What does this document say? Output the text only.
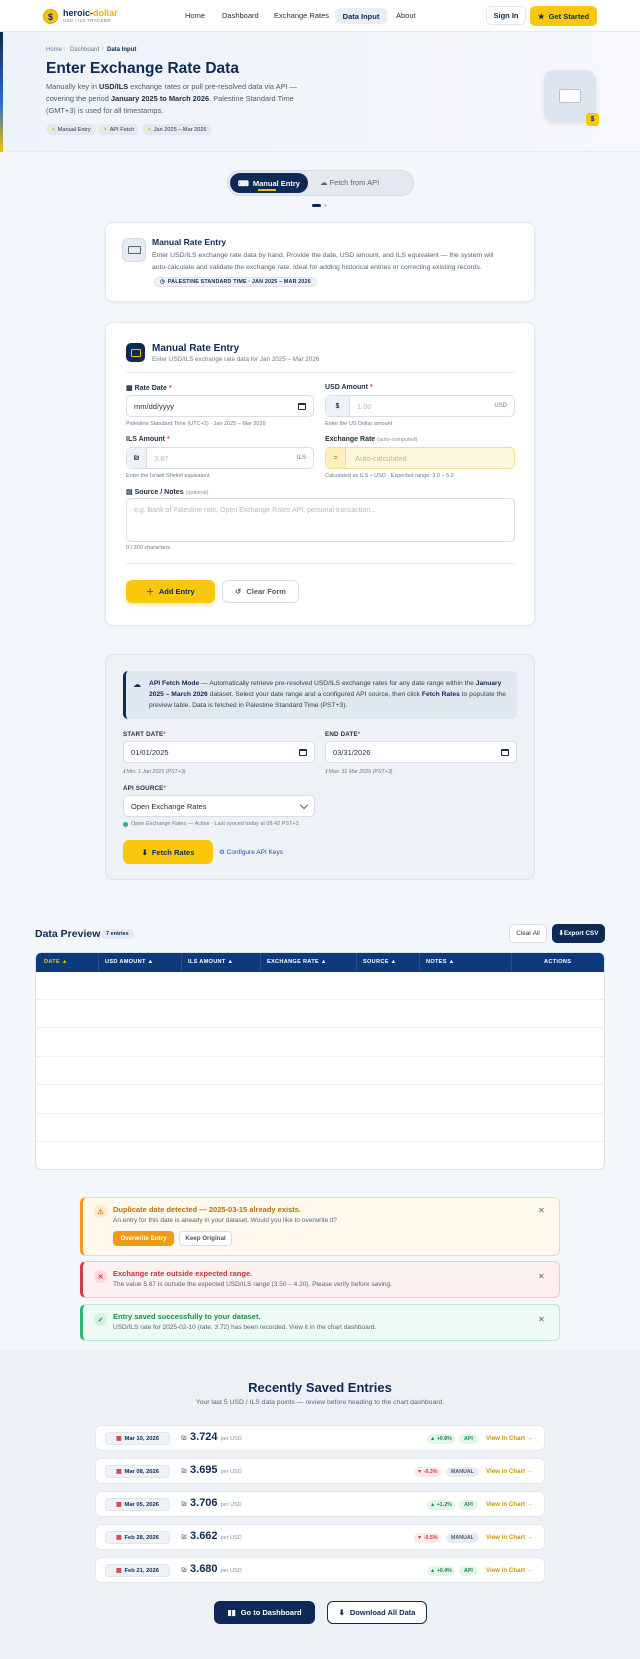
$	heroic-dollar
USD / ILS TRACKER
Home Dashboard Exchange Rates	Data Input	About	Sign In	★ Get Started
Home / Dashboard / Data Input
Enter Exchange Rate Data
Manually key in USD/ILS exchange rates or pull pre-resolved data via API — covering the period January 2025 to March 2026. Palestine Standard Time (GMT+3) is used for all timestamps.
✦ Manual Entry ✦ API Fetch ✦ Jan 2025 – Mar 2026
$
⌨ Manual Entry	☁ Fetch from API
Manual Rate Entry
Enter USD/ILS exchange rate data by hand. Provide the date, USD amount, and ILS equivalent — the system will auto-calculate and validate the exchange rate. Ideal for adding historical entries or correcting existing records.
◷ PALESTINE STANDARD TIME · JAN 2025 – MAR 2026
Manual Rate Entry
Enter USD/ILS exchange rate data for Jan 2025 – Mar 2026
▦ Rate Date *
mm/dd/yyyy
Palestine Standard Time (UTC+2) · Jan 2025 – Mar 2026
USD Amount *
$	1.00	USD
Enter the US Dollar amount
ILS Amount *
₪	3.87	ILS
Enter the Israeli Shekel equivalent
Exchange Rate (auto-computed)
=	Auto-calculated
Calculated as ILS ÷ USD · Expected range: 3.0 – 5.0
▤ Source / Notes (optional)
e.g. Bank of Palestine rate, Open Exchange Rates API, personal transaction...
0 / 300 characters
＋ Add Entry	↺ Clear Form
☁ API Fetch Mode — Automatically retrieve pre-resolved USD/ILS exchange rates for any date range within the January 2025 – March 2026 dataset. Select your date range and a configured API source, then click Fetch Rates to populate the preview table. Data is fetched in Palestine Standard Time (PST+3).
START DATE*
01/01/2025
ℹ Min: 1 Jan 2025 (PST+3)
END DATE*
03/31/2026
ℹ Max: 31 Mar 2026 (PST+3)
API SOURCE*
Open Exchange Rates
Open Exchange Rates — Active · Last synced today at 08:42 PST+3
⬇ Fetch Rates	⚙ Configure API Keys
Data Preview	7 entries	Clear All	⬇ Export CSV
DATE ▲	USD AMOUNT ▲	ILS AMOUNT ▲	EXCHANGE RATE ▲	SOURCE ▲	NOTES ▲	ACTIONS
⚠	Duplicate date detected — 2025-03-15 already exists.
An entry for this date is already in your dataset. Would you like to overwrite it?
Overwrite Entry	Keep Original
✕
✕	Exchange rate outside expected range.
The value 5.87 is outside the expected USD/ILS range (3.50 – 4.20). Please verify before saving.
✕
✓	Entry saved successfully to your dataset.
USD/ILS rate for 2025-02-10 (rate: 3.72) has been recorded. View it in the chart dashboard.
✕
Recently Saved Entries
Your last 5 USD / ILS data points — review before heading to the chart dashboard.
▦ Mar 10, 2026	₪ 3.724 per USD	▲ +0.8%	API	View in Chart →
▦ Mar 08, 2026	₪ 3.695 per USD	▼ -0.3%	MANUAL	View in Chart →
▦ Mar 05, 2026	₪ 3.706 per USD	▲ +1.2%	API	View in Chart →
▦ Feb 28, 2026	₪ 3.662 per USD	▼ -0.5%	MANUAL	View in Chart →
▦ Feb 21, 2026	₪ 3.680 per USD	▲ +0.4%	API	View in Chart →
▮▮ Go to Dashboard	⬇ Download All Data
